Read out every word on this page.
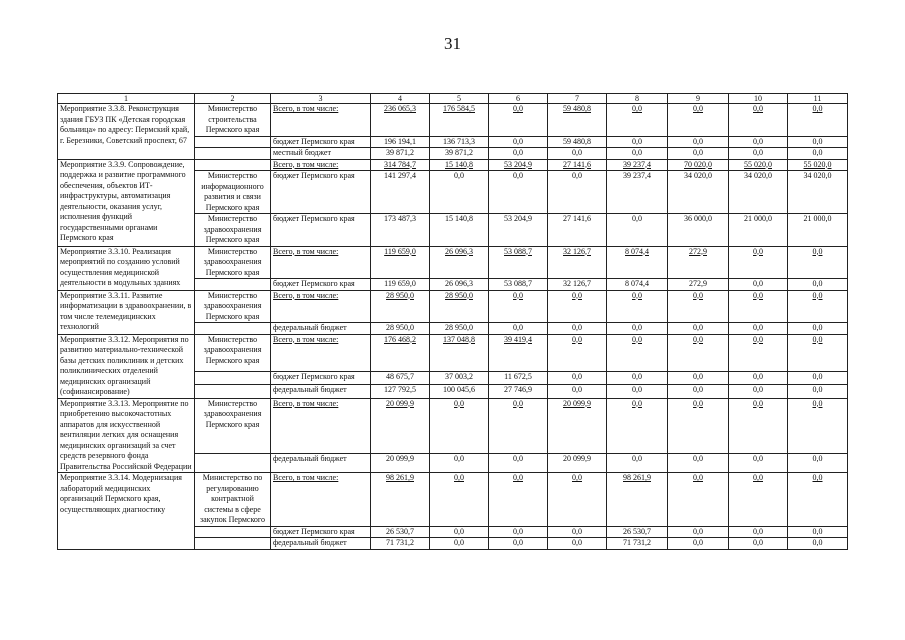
31
1	2	3	4	5	6	7	8	9	10	11
Мероприятие 3.3.8. Реконструкция здания ГБУЗ ПК «Детская городская больница» по адресу: Пермский край, г. Березники, Советский проспект, 67	Министерство строительства Пермского края	Всего, в том числе:	236 065,3	176 584,5	0,0	59 480,8	0,0	0,0	0,0	0,0
		бюджет Пермского края	196 194,1	136 713,3	0,0	59 480,8	0,0	0,0	0,0	0,0
		местный бюджет	39 871,2	39 871,2	0,0	0,0	0,0	0,0	0,0	0,0
Мероприятие 3.3.9. Сопровождение, поддержка и развитие программного обеспечения, объектов ИТ-инфраструктуры, автоматизация деятельности, оказания услуг, исполнения функций государственными органами Пермского края		Всего, в том числе:	314 784,7	15 140,8	53 204,9	27 141,6	39 237,4	70 020,0	55 020,0	55 020,0
	Министерство информационного развития и связи Пермского края	бюджет Пермского края	141 297,4	0,0	0,0	0,0	39 237,4	34 020,0	34 020,0	34 020,0
	Министерство здравоохранения Пермского края	бюджет Пермского края	173 487,3	15 140,8	53 204,9	27 141,6	0,0	36 000,0	21 000,0	21 000,0
Мероприятие 3.3.10. Реализация мероприятий по созданию условий осуществления медицинской деятельности в модульных зданиях	Министерство здравоохранения Пермского края	Всего, в том числе:	119 659,0	26 096,3	53 088,7	32 126,7	8 074,4	272,9	0,0	0,0
		бюджет Пермского края	119 659,0	26 096,3	53 088,7	32 126,7	8 074,4	272,9	0,0	0,0
Мероприятие 3.3.11. Развитие информатизации в здравоохранении, в том числе телемедицинских технологий	Министерство здравоохранения Пермского края	Всего, в том числе:	28 950,0	28 950,0	0,0	0,0	0,0	0,0	0,0	0,0
		федеральный бюджет	28 950,0	28 950,0	0,0	0,0	0,0	0,0	0,0	0,0
Мероприятие 3.3.12. Мероприятия по развитию материально-технической базы детских поликлиник и детских поликлинических отделений медицинских организаций (софинансирование)	Министерство здравоохранения Пермского края	Всего, в том числе:	176 468,2	137 048,8	39 419,4	0,0	0,0	0,0	0,0	0,0
		бюджет Пермского края	48 675,7	37 003,2	11 672,5	0,0	0,0	0,0	0,0	0,0
		федеральный бюджет	127 792,5	100 045,6	27 746,9	0,0	0,0	0,0	0,0	0,0
Мероприятие 3.3.13. Мероприятие по приобретению высокочастотных аппаратов для искусственной вентиляции легких для оснащения медицинских организаций за счет средств резервного фонда Правительства Российской Федерации	Министерство здравоохранения Пермского края	Всего, в том числе:	20 099,9	0,0	0,0	20 099,9	0,0	0,0	0,0	0,0
		федеральный бюджет	20 099,9	0,0	0,0	20 099,9	0,0	0,0	0,0	0,0
Мероприятие 3.3.14. Модернизация лабораторий медицинских организаций Пермского края, осуществляющих диагностику	Министерство по регулированию контрактной системы в сфере закупок Пермского	Всего, в том числе:	98 261,9	0,0	0,0	0,0	98 261,9	0,0	0,0	0,0
		бюджет Пермского края	26 530,7	0,0	0,0	0,0	26 530,7	0,0	0,0	0,0
		федеральный бюджет	71 731,2	0,0	0,0	0,0	71 731,2	0,0	0,0	0,0
